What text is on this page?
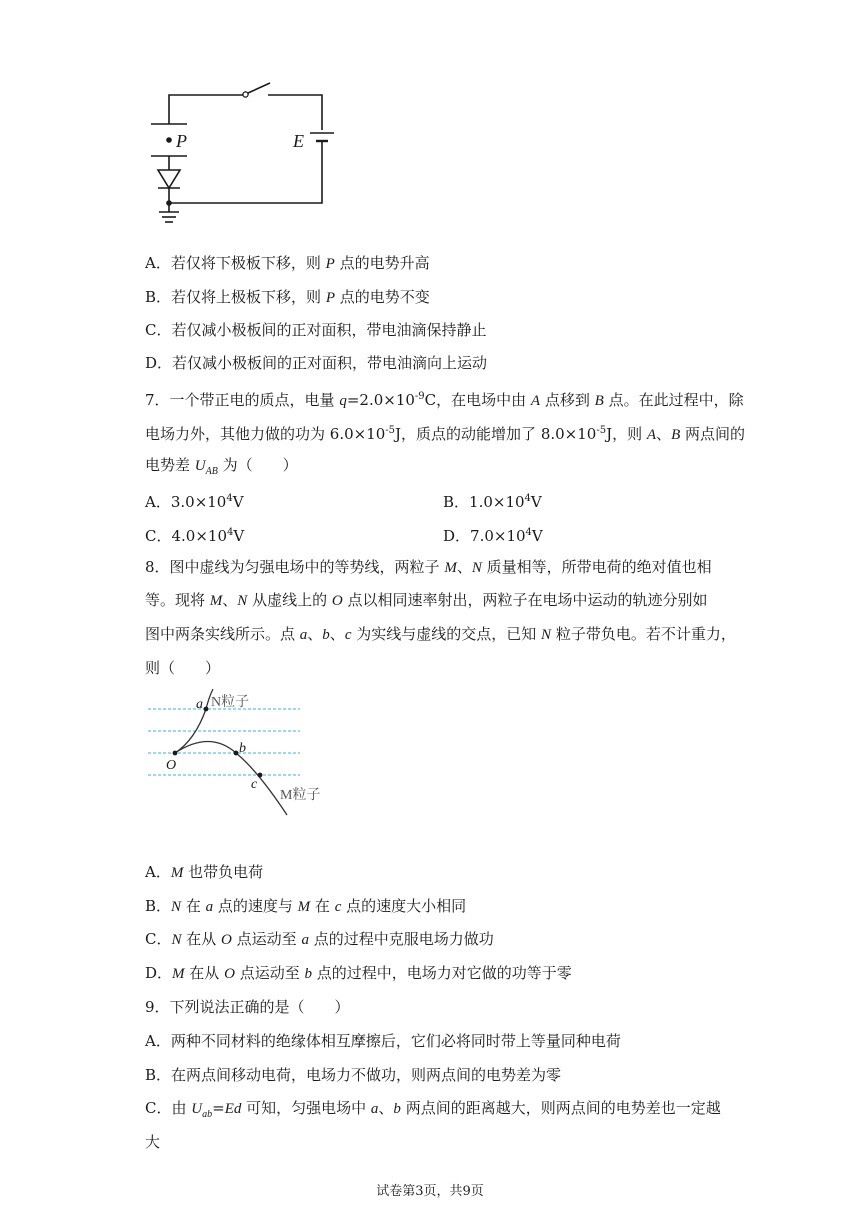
P	E
A．若仅将下极板下移，则 P 点的电势升高
B．若仅将上极板下移，则 P 点的电势不变
C．若仅减小极板间的正对面积，带电油滴保持静止
D．若仅减小极板间的正对面积，带电油滴向上运动
7．一个带正电的质点，电量 $q=2.0\times 10^{-9}C$，在电场中由 A 点移到 B 点。在此过程中，除
电场力外，其他力做的功为 $6.0\times 10^{-5}J$，质点的动能增加了 $8.0\times 10^{-5}J$，则 A、B 两点间的
电势差 $U_{AB}$ 为（　　）
A．$3.0\times 10^4V$	B．$1.0\times 10^4V$
C．$4.0\times 10^4V$	D．$7.0\times 10^4V$
8．图中虚线为匀强电场中的等势线，两粒子 M、N 质量相等，所带电荷的绝对值也相
等。现将 M、N 从虚线上的 O 点以相同速率射出，两粒子在电场中运动的轨迹分别如
图中两条实线所示。点 a、b、c 为实线与虚线的交点，已知 N 粒子带负电。若不计重力，
则（　　）
a
b
c
O
N粒子
M粒子
A．M 也带负电荷
B．N 在 a 点的速度与 M 在 c 点的速度大小相同
C．N 在从 O 点运动至 a 点的过程中克服电场力做功
D．M 在从 O 点运动至 b 点的过程中，电场力对它做的功等于零
9．下列说法正确的是（　　）
A．两种不同材料的绝缘体相互摩擦后，它们必将同时带上等量同种电荷
B．在两点间移动电荷，电场力不做功，则两点间的电势差为零
C．由 $U_{ab}=Ed$ 可知，匀强电场中 a、b 两点间的距离越大，则两点间的电势差也一定越
大
试卷第3页，共9页
